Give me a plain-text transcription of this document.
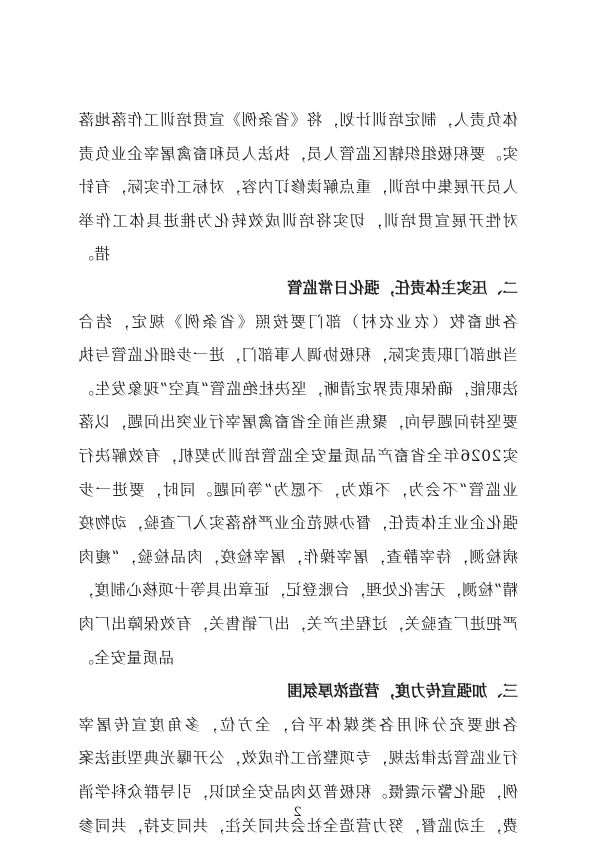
体负责人，制定培训计划，将《省条例》宣贯培训工作落地落
实。要积极组织辖区监管人员，执法人员和畜禽屠宰企业负责
人员开展集中培训，重点解读修订内容，对标工作实际，有针
对性开展宣贯培训，切实将培训成效转化为推进具体工作举
措。
二、压实主体责任，强化日常监管
各地畜牧（农业农村）部门要按照《省条例》规定，结合
当地部门职责实际，积极协调人事部门，进一步细化监管与执
法职能，确保职责界定清晰，坚决杜绝监管“真空”现象发生。
要坚持问题导向，聚焦当前全省畜禽屠宰行业突出问题，以落
实2026年全省畜产品质量安全监管培训为契机，有效解决行
业监管“不会为，不敢为，不愿为”等问题。同时，要进一步
强化企业主体责任，督办规范企业严格落实入厂查验，动物疫
病检测，待宰静查，屠宰操作，屠宰检疫，肉品检验，“瘦肉
精”检测，无害化处理，台账登记，证章出具等十项核心制度，
严把进厂查验关，过程生产关，出厂销售关，有效保障出厂肉
品质量安全。
三、加强宣传力度，营造浓厚氛围
各地要充分利用各类媒体平台，全方位，多角度宣传屠宰
行业监管法律法规，专项整治工作成效，公开曝光典型违法案
例，强化警示震慑。积极普及肉品安全知识，引导群众科学消
费，主动监督，努力营造全社会共同关注，共同支持，共同参
2
